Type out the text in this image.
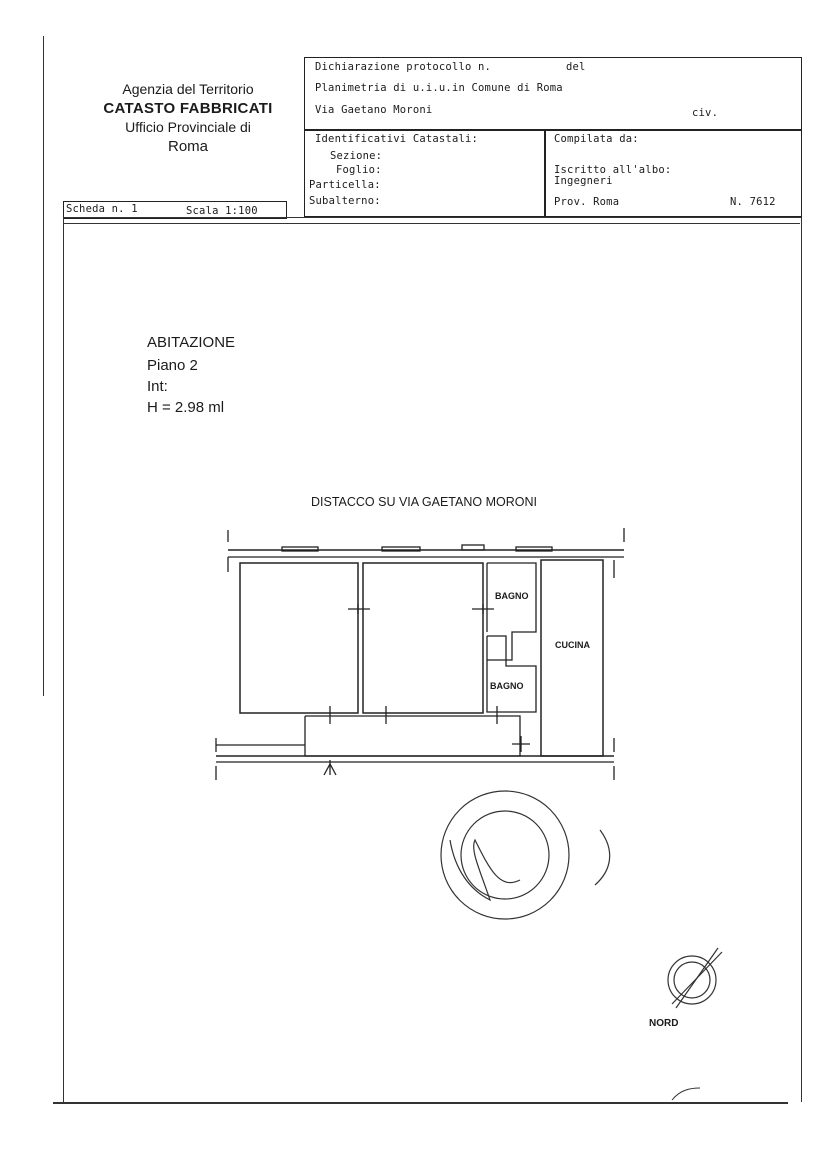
Agenzia del Territorio
CATASTO FABBRICATI
Ufficio Provinciale di
Roma
Dichiarazione protocollo n.	del
Planimetria di u.i.u.in Comune di Roma
Via Gaetano Moroni	civ.
Identificativi Catastali:
Sezione:
Foglio:
Particella:
Subalterno:
Compilata da:
Iscritto all'albo:
Ingegneri
Prov. Roma	N. 7612
Scheda n. 1	Scala 1:100
ABITAZIONE
Piano 2
Int:
H = 2.98 ml
DISTACCO SU VIA GAETANO MORONI
BAGNO
CUCINA
BAGNO
NORD
